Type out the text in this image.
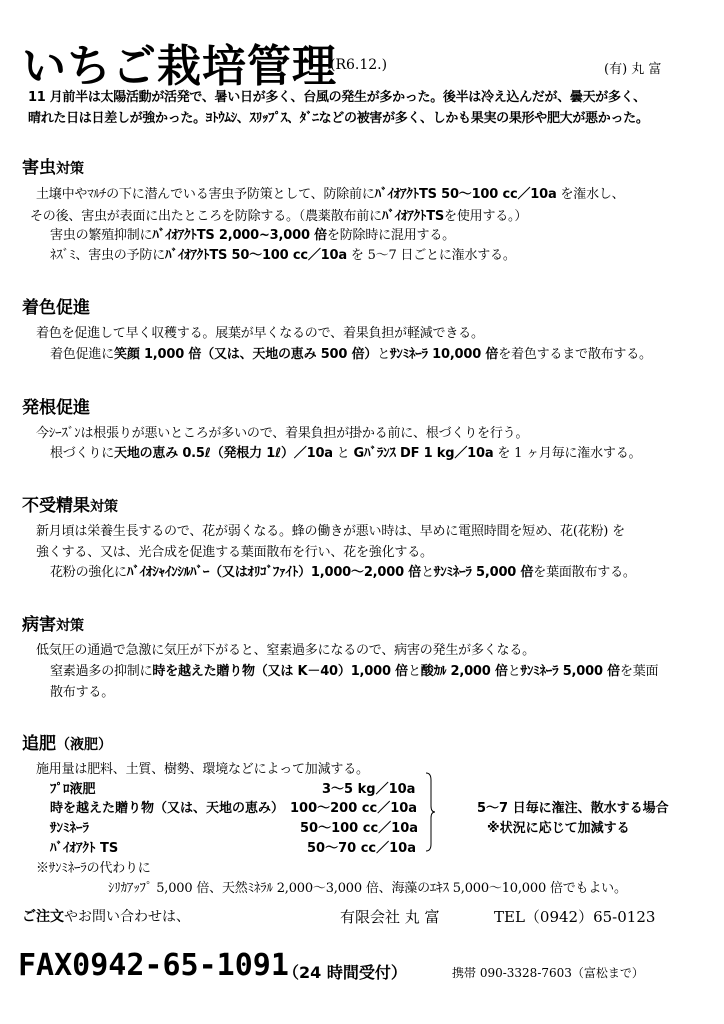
いちご栽培管理
(R6.12.)	(有) 丸 富
11 月前半は太陽活動が活発で、暑い日が多く、台風の発生が多かった。後半は冷え込んだが、曇天が多く、
晴れた日は日差しが強かった。ﾖﾄｳﾑｼ、ｽﾘｯﾌﾟｽ、ﾀﾞﾆなどの被害が多く、しかも果実の果形や肥大が悪かった。
害虫対策
土壌中やﾏﾙﾁの下に潜んでいる害虫予防策として、防除前にﾊﾞｲｵｱｸﾄTS 50～100 cc／10a を潅水し、
その後、害虫が表面に出たところを防除する。（農薬散布前にﾊﾞｲｵｱｸﾄTSを使用する。）
害虫の繁殖抑制にﾊﾞｲｵｱｸﾄTS 2,000~3,000 倍を防除時に混用する。
ﾈｽﾞﾐ、害虫の予防にﾊﾞｲｵｱｸﾄTS 50～100 cc／10a を 5～7 日ごとに潅水する。
着色促進
着色を促進して早く収穫する。展葉が早くなるので、着果負担が軽減できる。
着色促進に笑顔 1,000 倍（又は、天地の恵み 500 倍）とｻﾝﾐﾈｰﾗ 10,000 倍を着色するまで散布する。
発根促進
今ｼｰｽﾞﾝは根張りが悪いところが多いので、着果負担が掛かる前に、根づくりを行う。
根づくりに天地の恵み 0.5ℓ（発根力 1ℓ）／10a と Gﾊﾞﾗﾝｽ DF 1 kg／10a を 1 ヶ月毎に潅水する。
不受精果対策
新月頃は栄養生長するので、花が弱くなる。蜂の働きが悪い時は、早めに電照時間を短め、花(花粉) を
強くする、又は、光合成を促進する葉面散布を行い、花を強化する。
花粉の強化にﾊﾞｲｵｼｬｲﾝｼﾙﾊﾞｰ（又はｵﾘｺﾞﾌｧｲﾄ）1,000～2,000 倍とｻﾝﾐﾈｰﾗ 5,000 倍を葉面散布する。
病害対策
低気圧の通過で急激に気圧が下がると、窒素過多になるので、病害の発生が多くなる。
窒素過多の抑制に時を越えた贈り物（又は K－40）1,000 倍と酸ｶﾙ 2,000 倍とｻﾝﾐﾈｰﾗ 5,000 倍を葉面
散布する。
追肥（液肥）
施用量は肥料、土質、樹勢、環境などによって加減する。
ﾌﾟﾛ液肥	3～5 kg／10a
時を越えた贈り物（又は、天地の恵み） 100～200 cc／10a
ｻﾝﾐﾈｰﾗ	50～100 cc／10a
ﾊﾞｲｵｱｸﾄ TS	50～70 cc／10a
5～7 日毎に潅注、散水する場合
※状況に応じて加減する
※ｻﾝﾐﾈｰﾗの代わりに
ｼﾘｶｱｯﾌﾟ 5,000 倍、天然ﾐﾈﾗﾙ 2,000～3,000 倍、海藻のｴｷｽ 5,000～10,000 倍でもよい。
ご注文やお問い合わせは、	有限会社 丸 富	TEL（0942）65-0123
FAX0942-65-1091
（24 時間受付）	携帯 090-3328-7603（富松まで）
